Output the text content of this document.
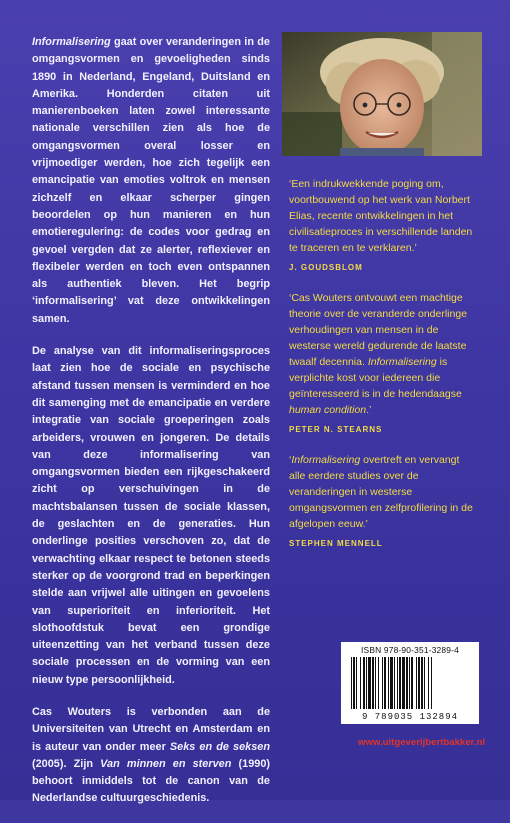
Informalisering gaat over veranderingen in de omgangsvormen en gevoeligheden sinds 1890 in Nederland, Engeland, Duitsland en Amerika. Honderden citaten uit manierenboeken laten zowel interessante nationale verschillen zien als hoe de omgangsvormen overal losser en vrijmoediger werden, hoe zich tegelijk een emancipatie van emoties voltrok en mensen zichzelf en elkaar scherper gingen beoordelen op hun manieren en hun emotieregulering: de codes voor gedrag en gevoel vergden dat ze alerter, reflexiever en flexibeler werden en toch even ontspannen als authentiek bleven. Het begrip ‘informalisering’ vat deze ontwikkelingen samen.

De analyse van dit informaliseringsproces laat zien hoe de sociale en psychische afstand tussen mensen is verminderd en hoe dit samenging met de emancipatie en verdere integratie van sociale groeperingen zoals arbeiders, vrouwen en jongeren. De details van deze informalisering van omgangsvormen bieden een rijkgeschakeerd zicht op verschuivingen in de machtsbalansen tussen de sociale klassen, de geslachten en de generaties. Hun onderlinge posities verschoven zo, dat de verwachting elkaar respect te betonen steeds sterker op de voorgrond trad en beperkingen stelde aan vrijwel alle uitingen en gevoelens van superioriteit en inferioriteit. Het slothoofdstuk bevat een grondige uiteenzetting van het verband tussen deze sociale processen en de vorming van een nieuw type persoonlijkheid.

Cas Wouters is verbonden aan de Universiteiten van Utrecht en Amsterdam en is auteur van onder meer Seks en de seksen (2005). Zijn Van minnen en sterven (1990) behoort inmiddels tot de canon van de Nederlandse cultuurgeschiedenis.

‘Een indrukwekkende poging om, voortbouwend op het werk van Norbert Elias, recente ontwikkelingen in het civilisatieproces in verschillende landen te traceren en te verklaren.’

J. GOUDSBLOM

‘Cas Wouters ontvouwt een machtige theorie over de veranderde onderlinge verhoudingen van mensen in de westerse wereld gedurende de laatste twaalf decennia. Informalisering is verplichte kost voor iedereen die geïnteresseerd is in de hedendaagse human condition.’

PETER N. STEARNS

‘Informalisering overtreft en vervangt alle eerdere studies over de veranderingen in westerse omgangsvormen en zelfprofilering in de afgelopen eeuw.’

STEPHEN MENNELL
ISBN 978-90-351-3289-4
9 789035 132894
www.uitgeverijbertbakker.nl
